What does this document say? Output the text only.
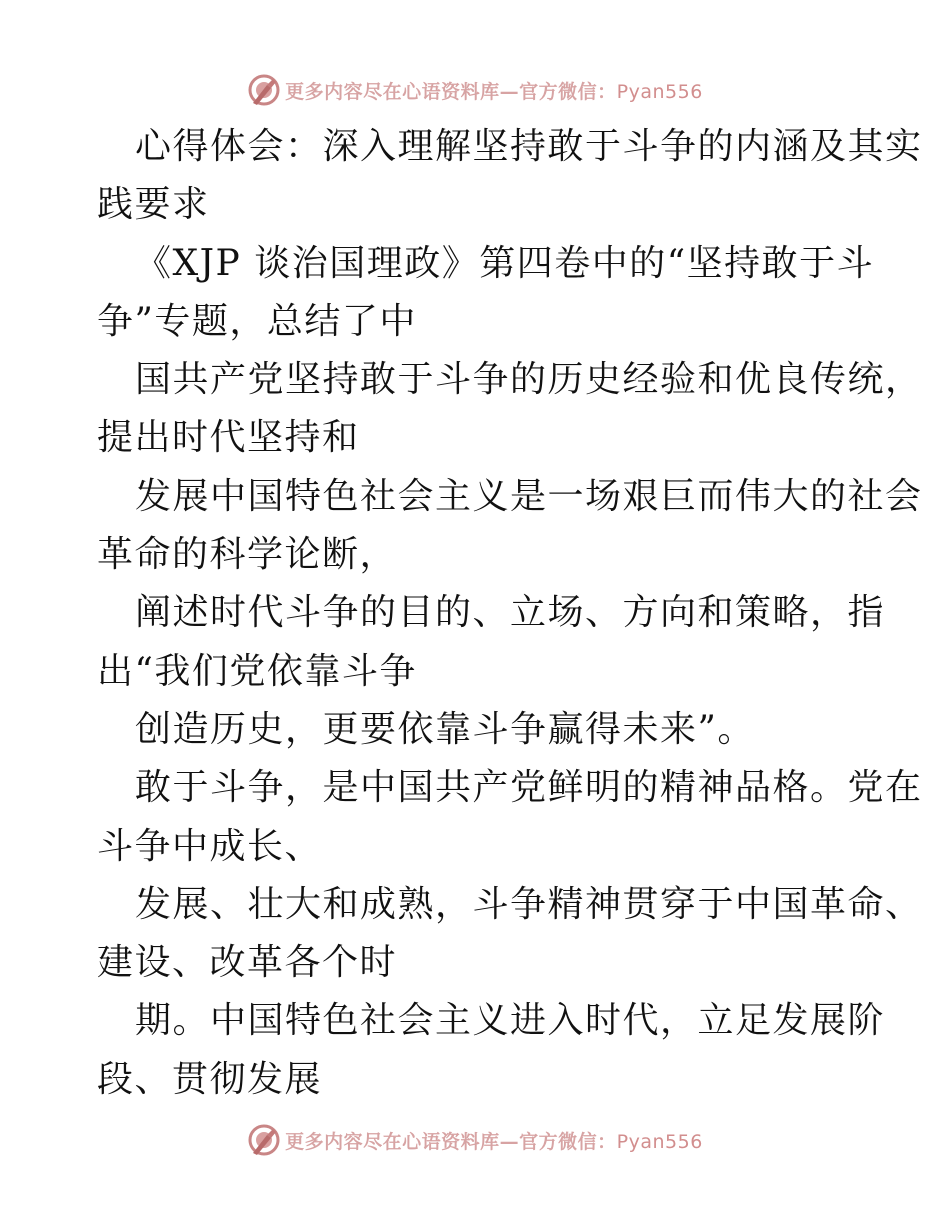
更多内容尽在心语资料库—官方微信：Pyan556
心得体会：深入理解坚持敢于斗争的内涵及其实
践要求
《XJP 谈治国理政》第四卷中的“坚持敢于斗
争”专题，总结了中
国共产党坚持敢于斗争的历史经验和优良传统，
提出时代坚持和
发展中国特色社会主义是一场艰巨而伟大的社会
革命的科学论断，
阐述时代斗争的目的、立场、方向和策略，指
出“我们党依靠斗争
创造历史，更要依靠斗争赢得未来”。
敢于斗争，是中国共产党鲜明的精神品格。党在
斗争中成长、
发展、壮大和成熟，斗争精神贯穿于中国革命、
建设、改革各个时
期。中国特色社会主义进入时代，立足发展阶
段、贯彻发展
更多内容尽在心语资料库—官方微信：Pyan556
